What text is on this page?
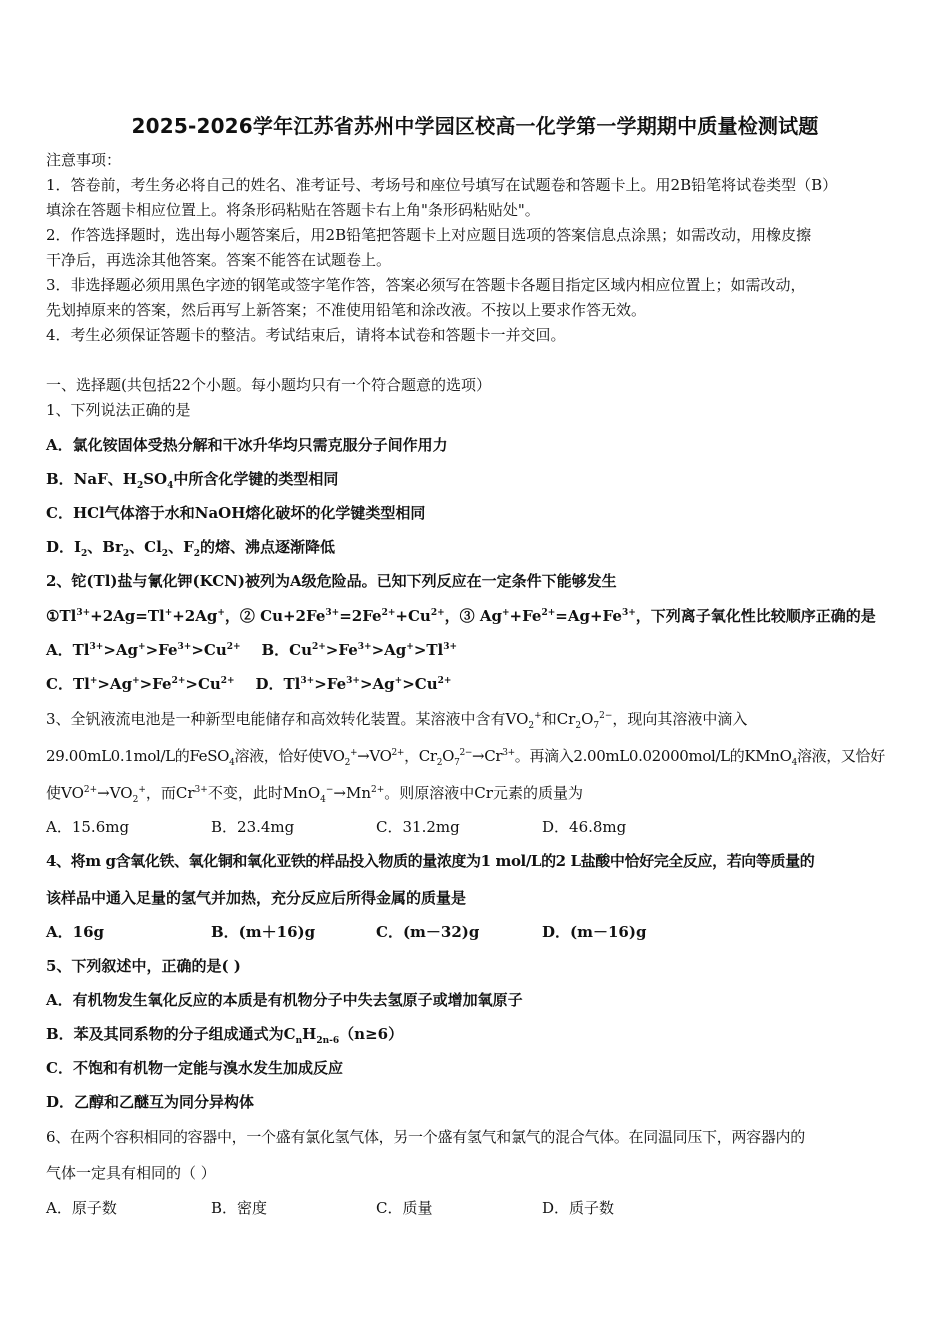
2025-2026学年江苏省苏州中学园区校高一化学第一学期期中质量检测试题
注意事项：
1．答卷前，考生务必将自己的姓名、准考证号、考场号和座位号填写在试题卷和答题卡上。用2B铅笔将试卷类型（B）
填涂在答题卡相应位置上。将条形码粘贴在答题卡右上角"条形码粘贴处"。
2．作答选择题时，选出每小题答案后，用2B铅笔把答题卡上对应题目选项的答案信息点涂黑；如需改动，用橡皮擦
干净后，再选涂其他答案。答案不能答在试题卷上。
3．非选择题必须用黑色字迹的钢笔或签字笔作答，答案必须写在答题卡各题目指定区域内相应位置上；如需改动，
先划掉原来的答案，然后再写上新答案；不准使用铅笔和涂改液。不按以上要求作答无效。
4．考生必须保证答题卡的整洁。考试结束后，请将本试卷和答题卡一并交回。
一、选择题(共包括22个小题。每小题均只有一个符合题意的选项）
1、下列说法正确的是
A．氯化铵固体受热分解和干冰升华均只需克服分子间作用力
B．NaF、$H_2SO_4$中所含化学键的类型相同
C．HCl气体溶于水和NaOH熔化破坏的化学键类型相同
D．$I_2$、$Br_2$、$Cl_2$、$F_2$的熔、沸点逐渐降低
2、铊(Tl)盐与氰化钾(KCN)被列为A级危险品。已知下列反应在一定条件下能够发生
$①Tl^{3+}+2Ag=Tl^++2Ag^+$，② $Cu+2Fe^{3+}=2Fe^{2+}+Cu^{2+}$，③ $Ag^++Fe^{2+}=Ag+Fe^{3+}$，下列离子氧化性比较顺序正确的是
A．$Tl^{3+}>Ag^+>Fe^{3+}>Cu^{2+}$ B．$Cu^{2+}>Fe^{3+}>Ag^+>Tl^{3+}$
C．$Tl^+>Ag^+>Fe^{2+}>Cu^{2+}$ D．$Tl^{3+}>Fe^{3+}>Ag^+>Cu^{2+}$
3、全钒液流电池是一种新型电能储存和高效转化装置。某溶液中含有$VO_2^+$和$Cr_2O_7^{2-}$，现向其溶液中滴入
29.00mL0.1mol/L的FeSO$_4$溶液，恰好使$VO_2^+\to VO^{2+}$，$Cr_2O_7^{2-}\to Cr^{3+}$。再滴入2.00mL0.02000mol/L的KMnO$_4$溶液，又恰好
使$VO^{2+}\to VO_2^+$，而$Cr^{3+}$不变，此时$MnO_4^-\to Mn^{2+}$。则原溶液中Cr元素的质量为
A．15.6mg	B．23.4mg	C．31.2mg	D．46.8mg
4、将m g含氧化铁、氧化铜和氧化亚铁的样品投入物质的量浓度为1 mol/L的2 L盐酸中恰好完全反应，若向等质量的
该样品中通入足量的氢气并加热，充分反应后所得金属的质量是
A．16g	B．(m＋16)g	C．(m－32)g	D．(m－16)g
5、下列叙述中，正确的是( )
A．有机物发生氧化反应的本质是有机物分子中失去氢原子或增加氧原子
B．苯及其同系物的分子组成通式为$C_nH_{2n-6}(n\ge 6)$
C．不饱和有机物一定能与溴水发生加成反应
D．乙醇和乙醚互为同分异构体
6、在两个容积相同的容器中，一个盛有氯化氢气体，另一个盛有氢气和氯气的混合气体。在同温同压下，两容器内的
气体一定具有相同的（ ）
A．原子数	B．密度	C．质量	D．质子数
